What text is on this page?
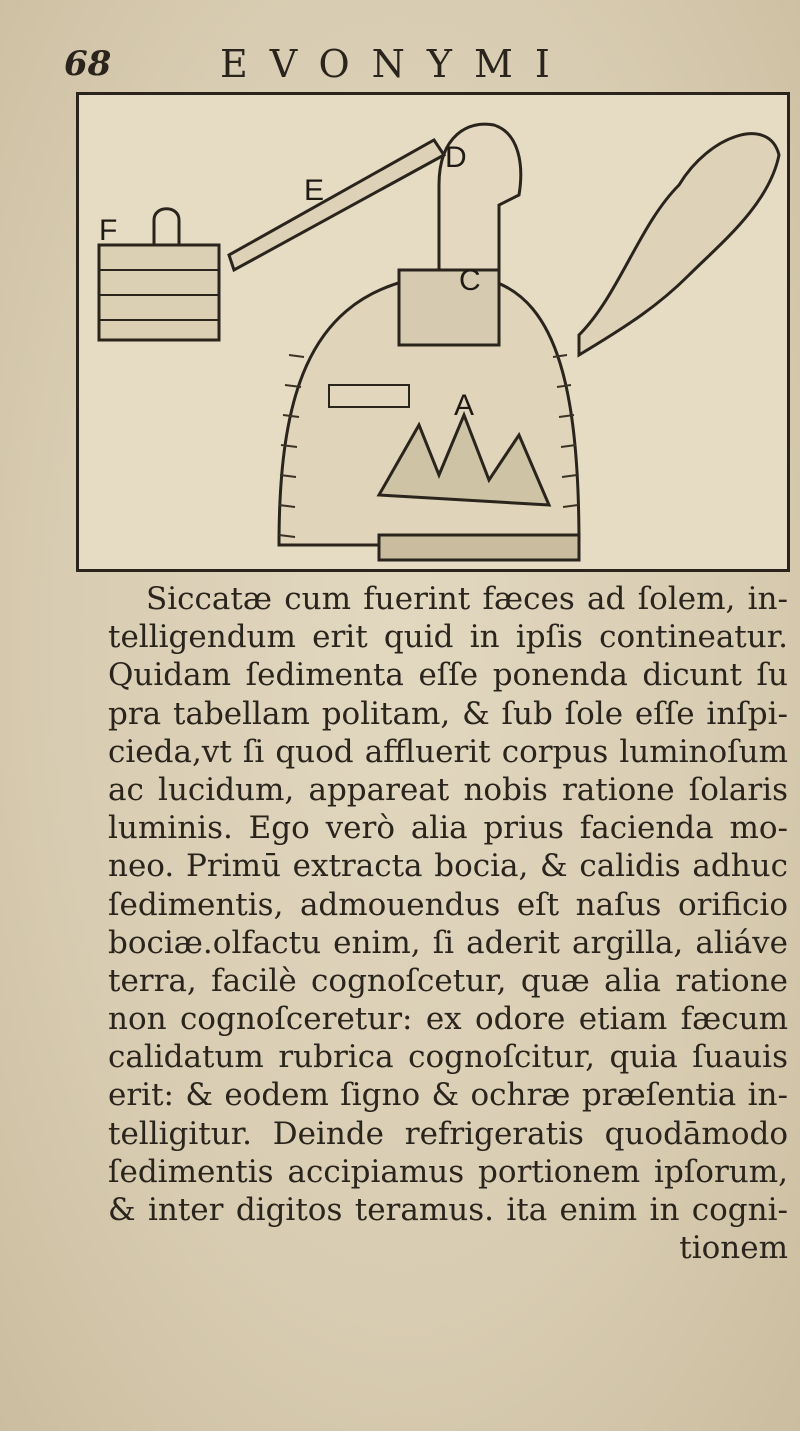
68	EVONYMI
A
C
D
E
F
Siccatæ cum fuerint fæces ad ſolem, in-
telligendum erit quid in ipſis contineatur.
Quidam ſedimenta eſſe ponenda dicunt ſu
pra tabellam politam, & ſub ſole eſſe inſpi-
cieda,vt ſi quod affluerit corpus luminoſum
ac lucidum, appareat nobis ratione ſolaris
luminis. Ego verò alia prius facienda mo-
neo. Primū extracta bocia, & calidis adhuc
ſedimentis, admouendus eſt naſus orificio
bociæ.olfactu enim, ſi aderit argilla, aliáve
terra, facilè cognoſcetur, quæ alia ratione
non cognoſceretur: ex odore etiam fæcum
calidatum rubrica cognoſcitur, quia ſuauis
erit: & eodem ſigno & ochræ præſentia in-
telligitur. Deinde refrigeratis quodāmodo
ſedimentis accipiamus portionem ipſorum,
& inter digitos teramus. ita enim in cogni-
tionem
